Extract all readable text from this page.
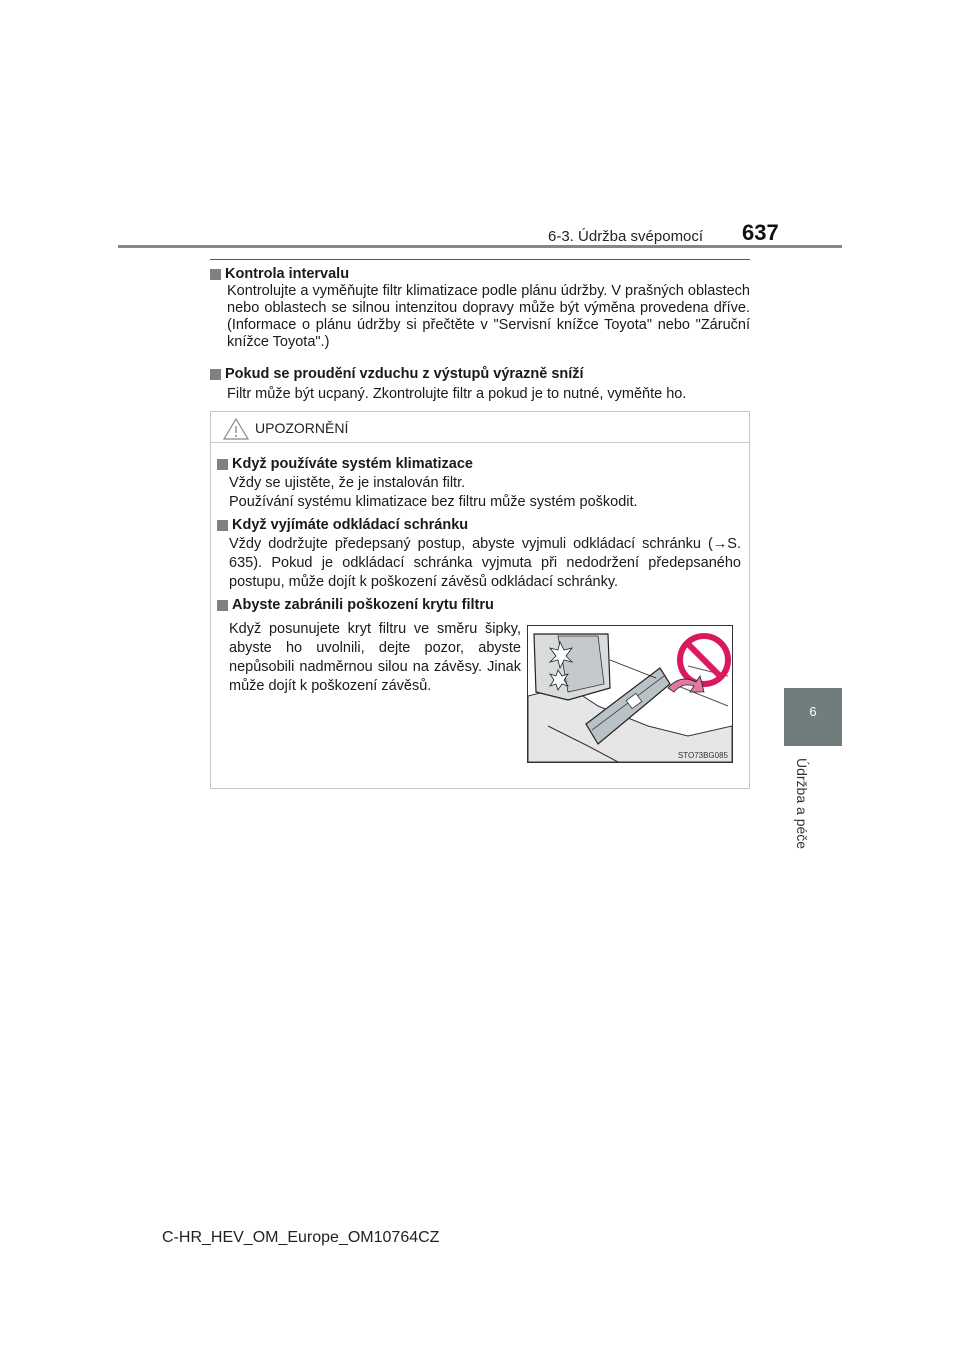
6-3. Údržba svépomocí 637
6
Údržba a péče
Kontrola intervalu
Kontrolujte a vyměňujte filtr klimatizace podle plánu údržby. V prašných oblastech nebo oblastech se silnou intenzitou dopravy může být výměna provedena dříve. (Informace o plánu údržby si přečtěte v "Servisní knížce Toyota" nebo "Záruční knížce Toyota".)
Pokud se proudění vzduchu z výstupů výrazně sníží
Filtr může být ucpaný. Zkontrolujte filtr a pokud je to nutné, vyměňte ho.
UPOZORNĚNÍ
Když používáte systém klimatizace
Vždy se ujistěte, že je instalován filtr.
Používání systému klimatizace bez filtru může systém poškodit.
Když vyjímáte odkládací schránku
Vždy dodržujte předepsaný postup, abyste vyjmuli odkládací schránku (→S. 635). Pokud je odkládací schránka vyjmuta při nedodržení předepsaného postupu, může dojít k poškození závěsů odkládací schránky.
Abyste zabránili poškození krytu filtru
Když posunujete kryt filtru ve směru šipky, abyste ho uvolnili, dejte pozor, abyste nepůsobili nadměrnou silou na závěsy. Jinak může dojít k poškození závěsů.
STO73BG085
C-HR_HEV_OM_Europe_OM10764CZ
